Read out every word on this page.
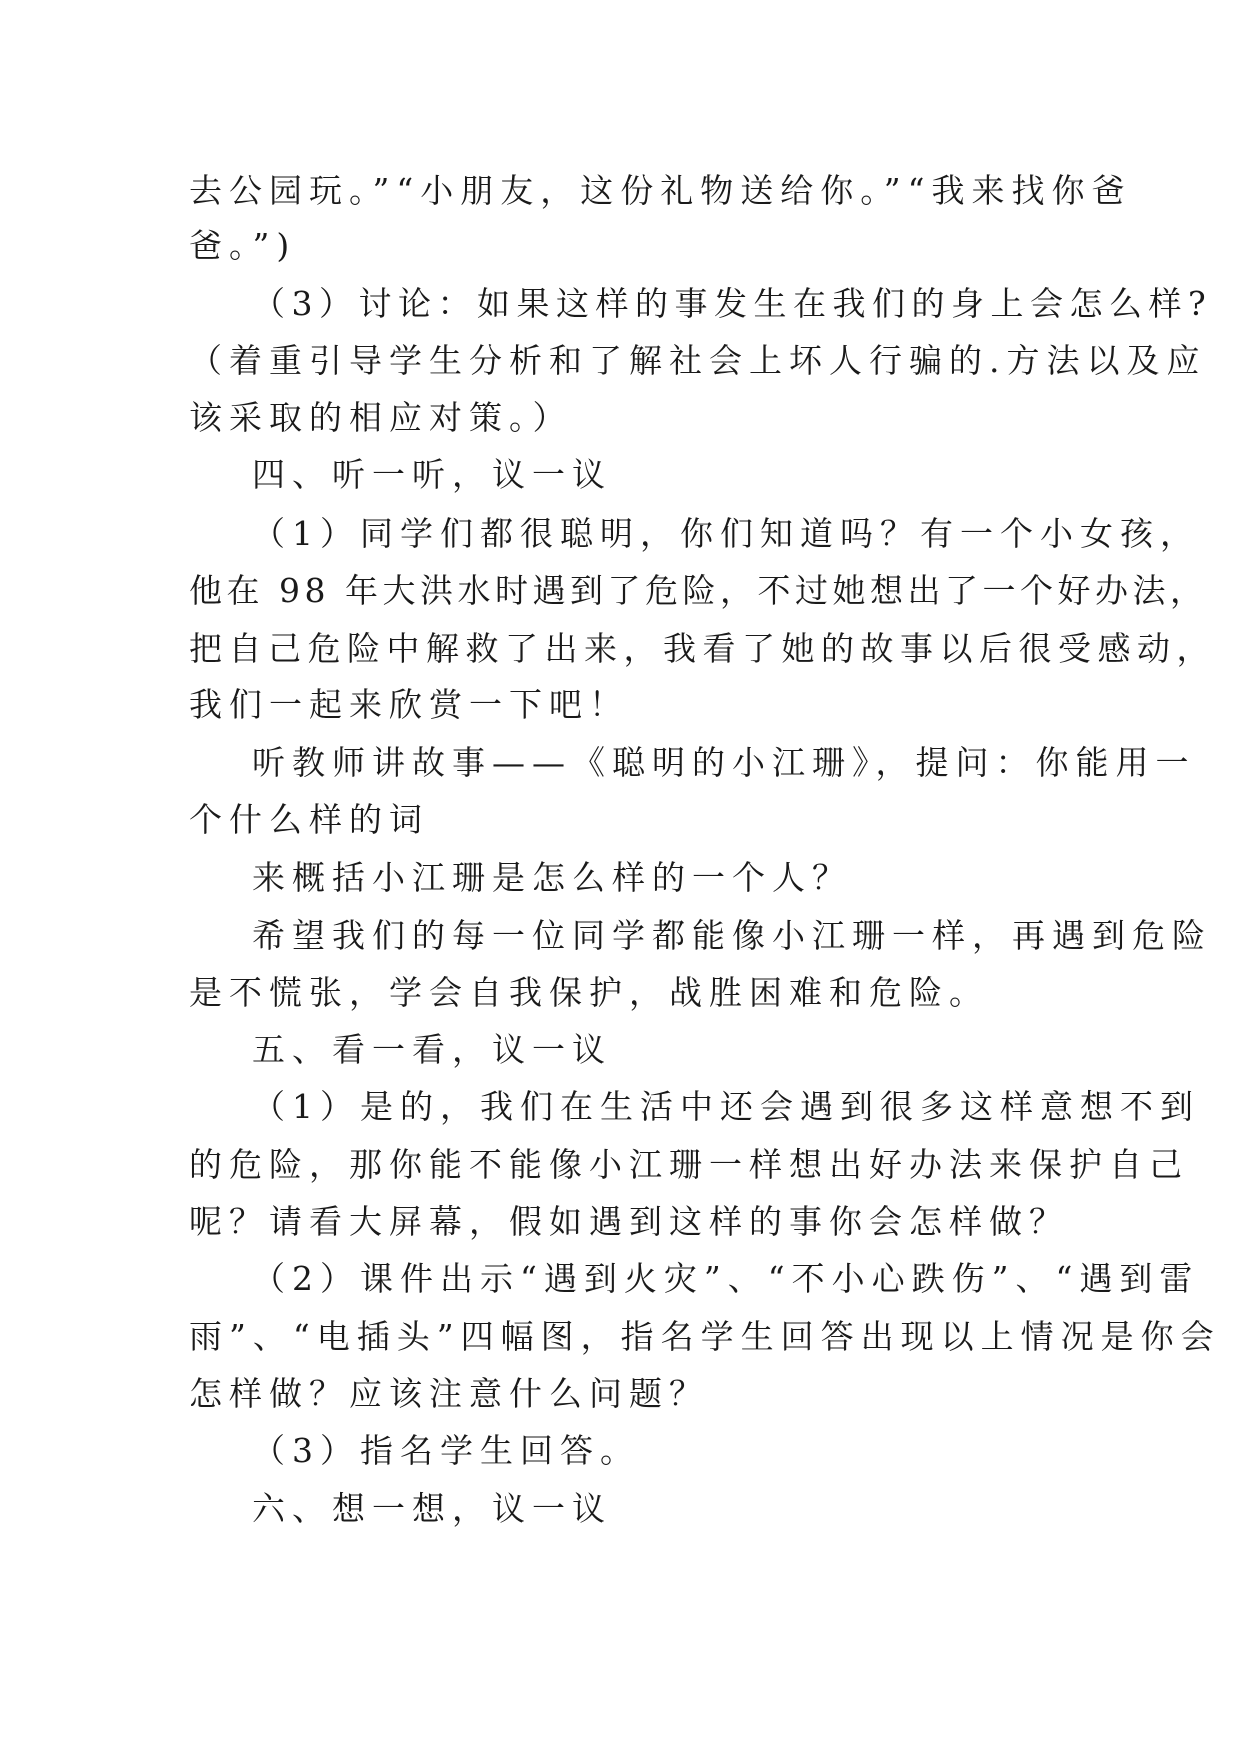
去公园玩。”“小朋友，这份礼物送给你。”“我来找你爸
爸。”)
（3）讨论：如果这样的事发生在我们的身上会怎么样?
（着重引导学生分析和了解社会上坏人行骗的.方法以及应
该采取的相应对策。）
四、听一听，议一议
（1）同学们都很聪明，你们知道吗？有一个小女孩，
他在 98 年大洪水时遇到了危险，不过她想出了一个好办法，
把自己危险中解救了出来，我看了她的故事以后很受感动，
我们一起来欣赏一下吧！
听教师讲故事——《聪明的小江珊》，提问：你能用一
个什么样的词
来概括小江珊是怎么样的一个人？
希望我们的每一位同学都能像小江珊一样，再遇到危险
是不慌张，学会自我保护，战胜困难和危险。
五、看一看，议一议
（1）是的，我们在生活中还会遇到很多这样意想不到
的危险，那你能不能像小江珊一样想出好办法来保护自己
呢？请看大屏幕，假如遇到这样的事你会怎样做？
（2）课件出示“遇到火灾”、“不小心跌伤”、“遇到雷
雨”、“电插头”四幅图，指名学生回答出现以上情况是你会
怎样做？应该注意什么问题？
（3）指名学生回答。
六、想一想，议一议
